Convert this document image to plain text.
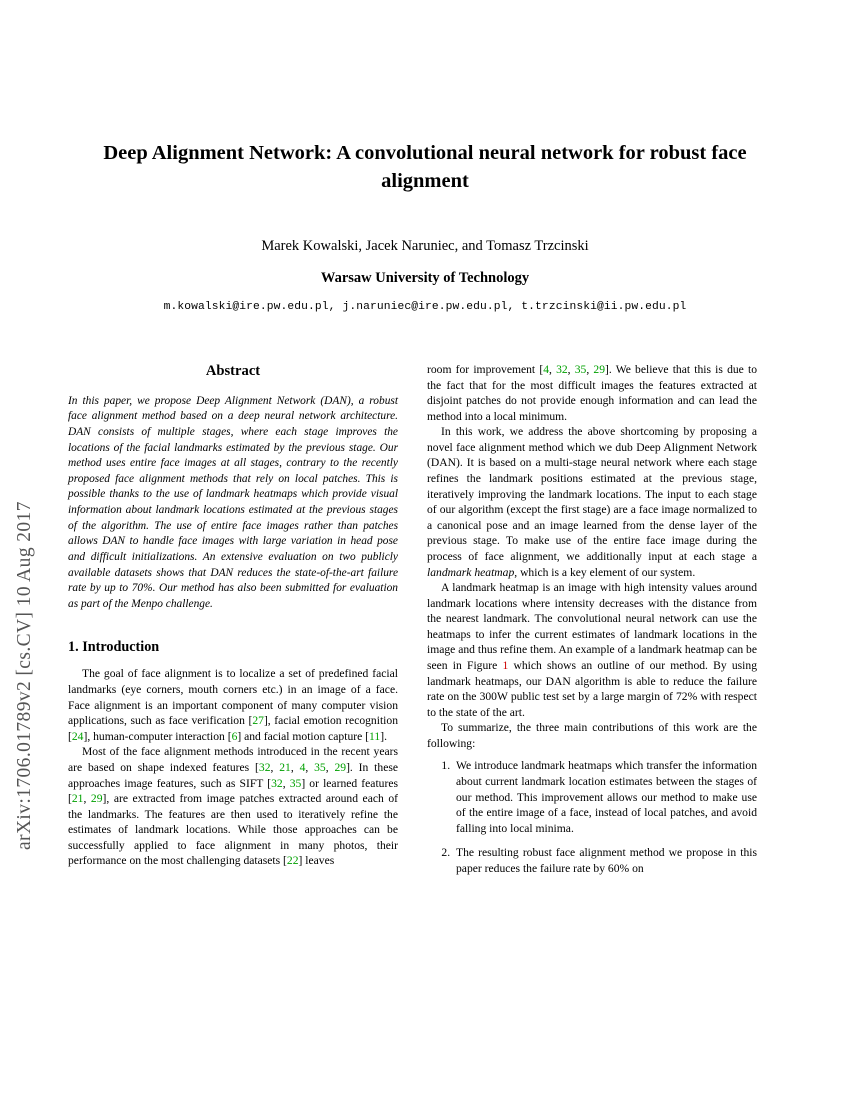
arXiv:1706.01789v2 [cs.CV] 10 Aug 2017
Deep Alignment Network: A convolutional neural network for robust face alignment
Marek Kowalski, Jacek Naruniec, and Tomasz Trzcinski
Warsaw University of Technology
m.kowalski@ire.pw.edu.pl, j.naruniec@ire.pw.edu.pl, t.trzcinski@ii.pw.edu.pl
Abstract

In this paper, we propose Deep Alignment Network (DAN), a robust face alignment method based on a deep neural network architecture. DAN consists of multiple stages, where each stage improves the locations of the facial landmarks estimated by the previous stage. Our method uses entire face images at all stages, contrary to the recently proposed face alignment methods that rely on local patches. This is possible thanks to the use of landmark heatmaps which provide visual information about landmark locations estimated at the previous stages of the algorithm. The use of entire face images rather than patches allows DAN to handle face images with large variation in head pose and difficult initializations. An extensive evaluation on two publicly available datasets shows that DAN reduces the state-of-the-art failure rate by up to 70%. Our method has also been submitted for evaluation as part of the Menpo challenge.

1. Introduction

The goal of face alignment is to localize a set of predefined facial landmarks (eye corners, mouth corners etc.) in an image of a face. Face alignment is an important component of many computer vision applications, such as face verification [27], facial emotion recognition [24], human-computer interaction [6] and facial motion capture [11].

Most of the face alignment methods introduced in the recent years are based on shape indexed features [32, 21, 4, 35, 29]. In these approaches image features, such as SIFT [32, 35] or learned features [21, 29], are extracted from image patches extracted around each of the landmarks. The features are then used to iteratively refine the estimates of landmark locations. While those approaches can be successfully applied to face alignment in many photos, their performance on the most challenging datasets [22] leaves

room for improvement [4, 32, 35, 29]. We believe that this is due to the fact that for the most difficult images the features extracted at disjoint patches do not provide enough information and can lead the method into a local minimum.

In this work, we address the above shortcoming by proposing a novel face alignment method which we dub Deep Alignment Network (DAN). It is based on a multi-stage neural network where each stage refines the landmark positions estimated at the previous stage, iteratively improving the landmark locations. The input to each stage of our algorithm (except the first stage) are a face image normalized to a canonical pose and an image learned from the dense layer of the previous stage. To make use of the entire face image during the process of face alignment, we additionally input at each stage a landmark heatmap, which is a key element of our system.

A landmark heatmap is an image with high intensity values around landmark locations where intensity decreases with the distance from the nearest landmark. The convolutional neural network can use the heatmaps to infer the current estimates of landmark locations in the image and thus refine them. An example of a landmark heatmap can be seen in Figure 1 which shows an outline of our method. By using landmark heatmaps, our DAN algorithm is able to reduce the failure rate on the 300W public test set by a large margin of 72% with respect to the state of the art.

To summarize, the three main contributions of this work are the following:

1. We introduce landmark heatmaps which transfer the information about current landmark location estimates between the stages of our method. This improvement allows our method to make use of the entire image of a face, instead of local patches, and avoid falling into local minima.
2. The resulting robust face alignment method we propose in this paper reduces the failure rate by 60% on
